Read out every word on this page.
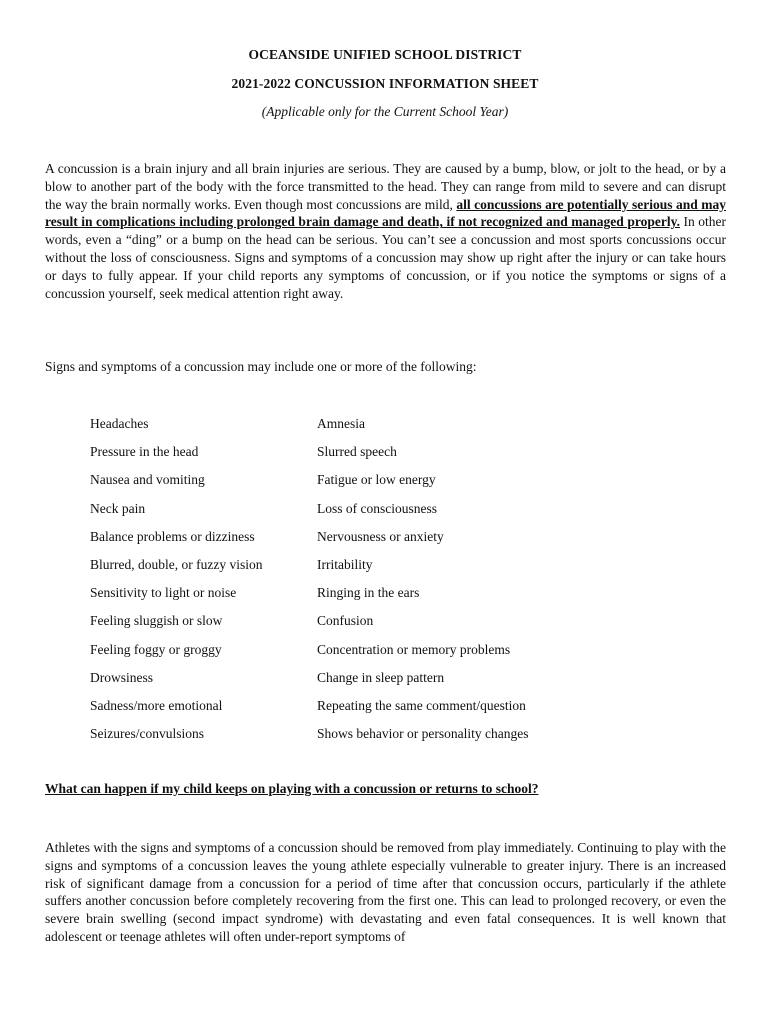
OCEANSIDE UNIFIED SCHOOL DISTRICT
2021-2022 CONCUSSION INFORMATION SHEET
(Applicable only for the Current School Year)

A concussion is a brain injury and all brain injuries are serious. They are caused by a bump, blow, or jolt to the head, or by a blow to another part of the body with the force transmitted to the head. They can range from mild to severe and can disrupt the way the brain normally works. Even though most concussions are mild, all concussions are potentially serious and may result in complications including prolonged brain damage and death, if not recognized and managed properly. In other words, even a “ding” or a bump on the head can be serious. You can’t see a concussion and most sports concussions occur without the loss of consciousness. Signs and symptoms of a concussion may show up right after the injury or can take hours or days to fully appear. If your child reports any symptoms of concussion, or if you notice the symptoms or signs of a concussion yourself, seek medical attention right away.

Signs and symptoms of a concussion may include one or more of the following:
Headaches	Amnesia
Pressure in the head	Slurred speech
Nausea and vomiting	Fatigue or low energy
Neck pain	Loss of consciousness
Balance problems or dizziness	Nervousness or anxiety
Blurred, double, or fuzzy vision	Irritability
Sensitivity to light or noise	Ringing in the ears
Feeling sluggish or slow	Confusion
Feeling foggy or groggy	Concentration or memory problems
Drowsiness	Change in sleep pattern
Sadness/more emotional	Repeating the same comment/question
Seizures/convulsions	Shows behavior or personality changes
What can happen if my child keeps on playing with a concussion or returns to school?

Athletes with the signs and symptoms of a concussion should be removed from play immediately. Continuing to play with the signs and symptoms of a concussion leaves the young athlete especially vulnerable to greater injury. There is an increased risk of significant damage from a concussion for a period of time after that concussion occurs, particularly if the athlete suffers another concussion before completely recovering from the first one. This can lead to prolonged recovery, or even the severe brain swelling (second impact syndrome) with devastating and even fatal consequences. It is well known that adolescent or teenage athletes will often under-report symptoms of
